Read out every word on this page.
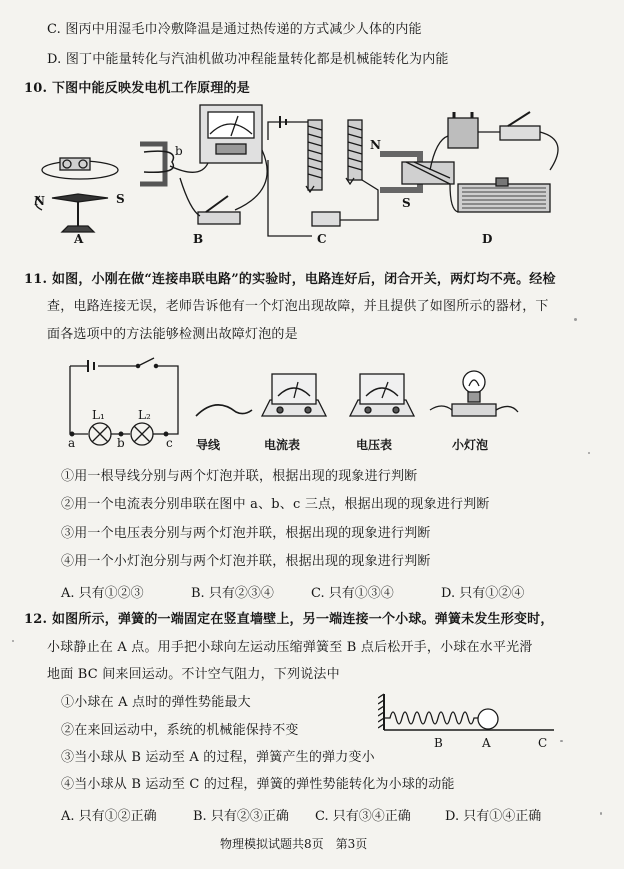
C. 图丙中用湿毛巾冷敷降温是通过热传递的方式减少人体的内能
D. 图丁中能量转化与汽油机做功冲程能量转化都是机械能转化为内能
10. 下图中能反映发电机工作原理的是
A
N	S
b
B	C
N
S
D
11. 如图，小刚在做“连接串联电路”的实验时，电路连好后，闭合开关，两灯均不亮。经检
查，电路连接无误，老师告诉他有一个灯泡出现故障，并且提供了如图所示的器材，下
面各选项中的方法能够检测出故障灯泡的是
L₁	L₂
a	b	c 导线	电流表	电压表	小灯泡
①用一根导线分别与两个灯泡并联，根据出现的现象进行判断
②用一个电流表分别串联在图中 a、b、c 三点，根据出现的现象进行判断
③用一个电压表分别与两个灯泡并联，根据出现的现象进行判断
④用一个小灯泡分别与两个灯泡并联，根据出现的现象进行判断
A. 只有①②③	B. 只有②③④	C. 只有①③④	D. 只有①②④
12. 如图所示，弹簧的一端固定在竖直墙壁上，另一端连接一个小球。弹簧未发生形变时，
小球静止在 A 点。用手把小球向左运动压缩弹簧至 B 点后松开手，小球在水平光滑
地面 BC 间来回运动。不计空气阻力，下列说法中
①小球在 A 点时的弹性势能最大
②在来回运动中，系统的机械能保持不变
③当小球从 B 运动至 A 的过程，弹簧产生的弹力变小
④当小球从 B 运动至 C 的过程，弹簧的弹性势能转化为小球的动能
B	A	C
A. 只有①②正确	B. 只有②③正确 C. 只有③④正确	D. 只有①④正确
物理模拟试题共8页　第3页
